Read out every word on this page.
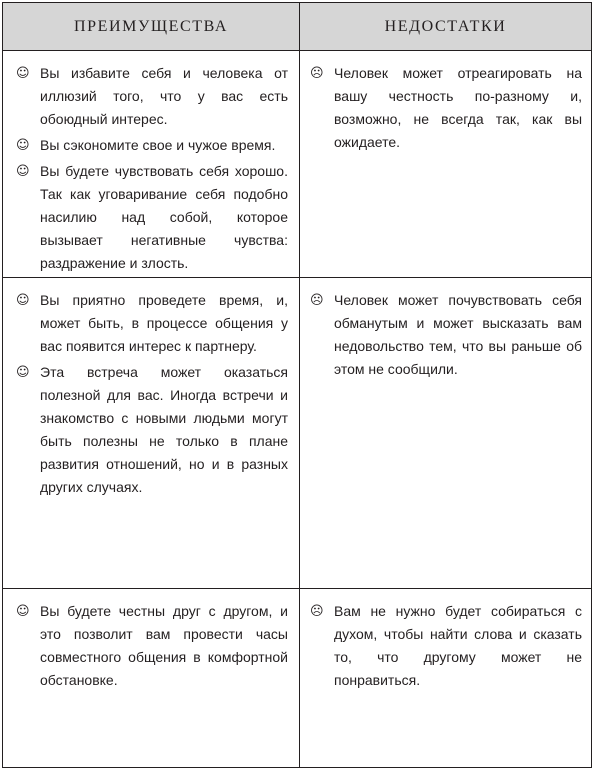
ПРЕИМУЩЕСТВА	НЕДОСТАТКИ
☺ Вы избавите себя и человека от иллюзий того, что у вас есть обоюдный интерес.
☺ Вы сэкономите свое и чужое время.
☺ Вы будете чувствовать себя хорошо. Так как уговаривание себя подобно насилию над собой, которое вызывает негативные чувства: раздражение и злость.
☹ Человек может отреагировать на вашу честность по-разному и, возможно, не всегда так, как вы ожидаете.
☺ Вы приятно проведете время, и, может быть, в процессе общения у вас появится интерес к партнеру.
☺ Эта встреча может оказаться полезной для вас. Иногда встречи и знакомство с новыми людьми могут быть полезны не только в плане развития отношений, но и в разных других случаях.
☹ Человек может почувствовать себя обманутым и может высказать вам недовольство тем, что вы раньше об этом не сообщили.
☺ Вы будете честны друг с другом, и это позволит вам провести часы совместного общения в комфортной обстановке.
☹ Вам не нужно будет собираться с духом, чтобы найти слова и сказать то, что другому может не понравиться.
